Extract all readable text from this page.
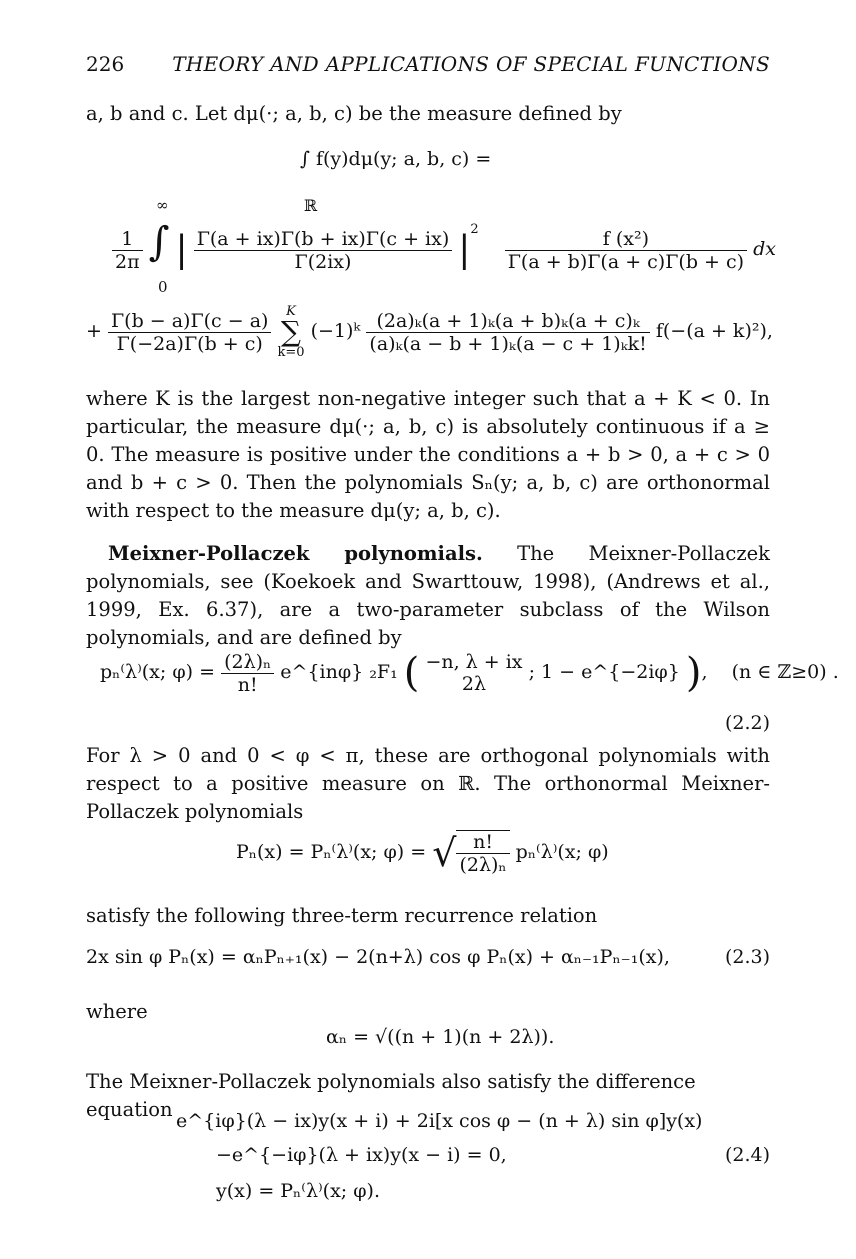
226 THEORY AND APPLICATIONS OF SPECIAL FUNCTIONS
a, b and c. Let dμ(·; a, b, c) be the measure defined by
∫ f(y)dμ(y; a, b, c) =
ℝ
∞
$\frac{1}{2\pi}$ ∫ | $\frac{\Gamma(a + ix)\Gamma(b + ix)\Gamma(c + ix)}{\Gamma(2ix)} |^2 \frac{\text{f (x²)}}{\Gamma(a + b)\Gamma(a + c)\Gamma(b + c)}$ dx
0
+ $\frac{\Gamma(b - a)\Gamma(c - a)}{\Gamma(-2a)\Gamma(b + c)}$
	K
∑
k=0
(−1)ᵏ $\frac{\text{(2a)ₖ(a + 1)ₖ(a + b)ₖ(a + c)ₖ}}{\text{(a)ₖ(a − b + 1)ₖ(a − c + 1)ₖk!}} f(-(a + k)^2)$,
where K is the largest non-negative integer such that a + K < 0. In particular, the measure dμ(·; a, b, c) is absolutely continuous if a ≥ 0. The measure is positive under the conditions a + b > 0, a + c > 0 and b + c > 0. Then the polynomials Sₙ(y; a, b, c) are orthonormal with respect to the measure dμ(y; a, b, c).
Meixner-Pollaczek polynomials. The Meixner-Pollaczek polynomials, see (Koekoek and Swarttouw, 1998), (Andrews et al., 1999, Ex. 6.37), are a two-parameter subclass of the Wilson polynomials, and are defined by
pₙ⁽λ⁾(x; $\varphi) = \frac{\text{(2λ)ₙ}}{n!}$ e^{inφ} ₂F₁ ( −n, λ + ix
2λ
; 1 − e^{−2iφ} ), (n ∈ ℤ≥0) .
(2.2)
For λ > 0 and 0 < φ < π, these are orthogonal polynomials with respect to a positive measure on ℝ. The orthonormal Meixner-Pollaczek polynomials
Pₙ(x) = Pₙ⁽λ⁾(x; φ) = √ $\frac{n!}{\text{(2λ)ₙ}} p_n^(\lambda^)(x$; φ)
satisfy the following three-term recurrence relation
2x sin φ Pₙ(x) = αₙPₙ₊₁(x) − 2(n+λ) cos φ Pₙ(x) + αₙ₋₁Pₙ₋₁(x),	(2.3)
where
αₙ = √((n + 1)(n + 2λ)).
The Meixner-Pollaczek polynomials also satisfy the difference equation e^{iφ}(λ − ix)y(x + i) + 2i[x cos φ − (n + λ) sin φ]y(x)
−e^{−iφ}(λ + ix)y(x − i) = 0,	(2.4)
y(x) = Pₙ⁽λ⁾(x; φ).
